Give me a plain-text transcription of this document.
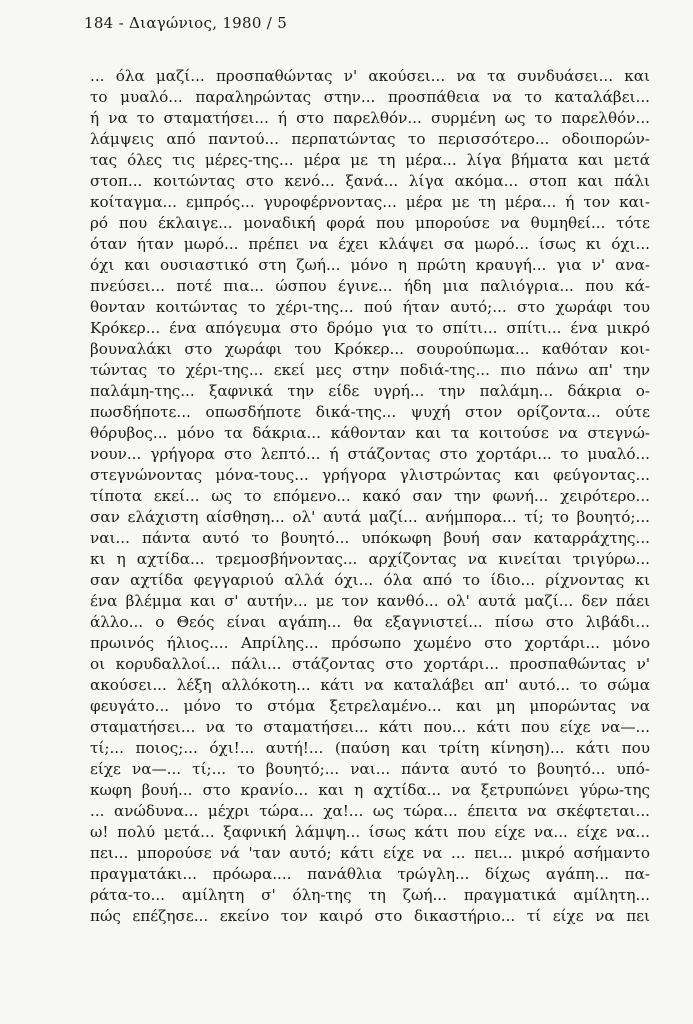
184 - Διαγώνιος, 1980 / 5
... όλα μαζί... προσπαθώντας ν' ακούσει... να τα συνδυάσει... και
το μυαλό... παραληρώντας στην... προσπάθεια να το καταλάβει...
ή να το σταματήσει... ή στο παρελθόν... συρμένη ως το παρελθόν...
λάμψεις από παντού... περπατώντας το περισσότερο... οδοιπορών-
τας όλες τις μέρες-της... μέρα με τη μέρα... λίγα βήματα και μετά
στοπ... κοιτώντας στο κενό... ξανά... λίγα ακόμα... στοπ και πάλι
κοίταγμα... εμπρός... γυροφέρνοντας... μέρα με τη μέρα... ή τον και-
ρό που έκλαιγε... μοναδική φορά που μπορούσε να θυμηθεί... τότε
όταν ήταν μωρό... πρέπει να έχει κλάψει σα μωρό... ίσως κι όχι...
όχι και ουσιαστικό στη ζωή... μόνο η πρώτη κραυγή... για ν' ανα-
πνεύσει... ποτέ πια... ώσπου έγινε... ήδη μια παλιόγρια... που κά-
θονταν κοιτώντας το χέρι-της... πού ήταν αυτό;... στο χωράφι του
Κρόκερ... ένα απόγευμα στο δρόμο για το σπίτι... σπίτι... ένα μικρό
βουναλάκι στο χωράφι του Κρόκερ... σουρούπωμα... καθόταν κοι-
τώντας το χέρι-της... εκεί μες στην ποδιά-της... πιο πάνω απ' την
παλάμη-της... ξαφνικά την είδε υγρή... την παλάμη... δάκρια ο-
πωσδήποτε... οπωσδήποτε δικά-της... ψυχή στον ορίζοντα... ούτε
θόρυβος... μόνο τα δάκρια... κάθονταν και τα κοιτούσε να στεγνώ-
νουν... γρήγορα στο λεπτό... ή στάζοντας στο χορτάρι... το μυαλό...
στεγνώνοντας μόνα-τους... γρήγορα γλιστρώντας και φεύγοντας...
τίποτα εκεί... ως το επόμενο... κακό σαν την φωνή... χειρότερο...
σαν ελάχιστη αίσθηση... ολ' αυτά μαζί... ανήμπορα... τί; το βουητό;...
ναι... πάντα αυτό το βουητό... υπόκωφη βουή σαν καταρράχτης...
κι η αχτίδα... τρεμοσβήνοντας... αρχίζοντας να κινείται τριγύρω...
σαν αχτίδα φεγγαριού αλλά όχι... όλα από το ίδιο... ρίχνοντας κι
ένα βλέμμα και σ' αυτήν... με τον κανθό... ολ' αυτά μαζί... δεν πάει
άλλο... ο Θεός είναι αγάπη... θα εξαγνιστεί... πίσω στο λιβάδι...
πρωινός ήλιος.... Απρίλης... πρόσωπο χωμένο στο χορτάρι... μόνο
οι κορυδαλλοί... πάλι... στάζοντας στο χορτάρι... προσπαθώντας ν'
ακούσει... λέξη αλλόκοτη... κάτι να καταλάβει απ' αυτό... το σώμα
φευγάτο... μόνο το στόμα ξετρελαμένο... και μη μπορώντας να
σταματήσει... να το σταματήσει... κάτι που... κάτι που είχε να—...
τί;... ποιος;... όχι!... αυτή!... (παύση και τρίτη κίνηση)... κάτι που
είχε να—... τί;... το βουητό;... ναι... πάντα αυτό το βουητό... υπό-
κωφη βουή... στο κρανίο... και η αχτίδα... να ξετρυπώνει γύρω-της
... ανώδυνα... μέχρι τώρα... χα!... ως τώρα... έπειτα να σκέφτεται...
ω! πολύ μετά... ξαφνική λάμψη... ίσως κάτι που είχε να... είχε να...
πει... μπορούσε νά 'ταν αυτό; κάτι είχε να ... πει... μικρό ασήμαντο
πραγματάκι... πρόωρα.... πανάθλια τρώγλη... δίχως αγάπη... πα-
ράτα-το... αμίλητη σ' όλη-της τη ζωή... πραγματικά αμίλητη...
πώς επέζησε... εκείνο τον καιρό στο δικαστήριο... τί είχε να πει
